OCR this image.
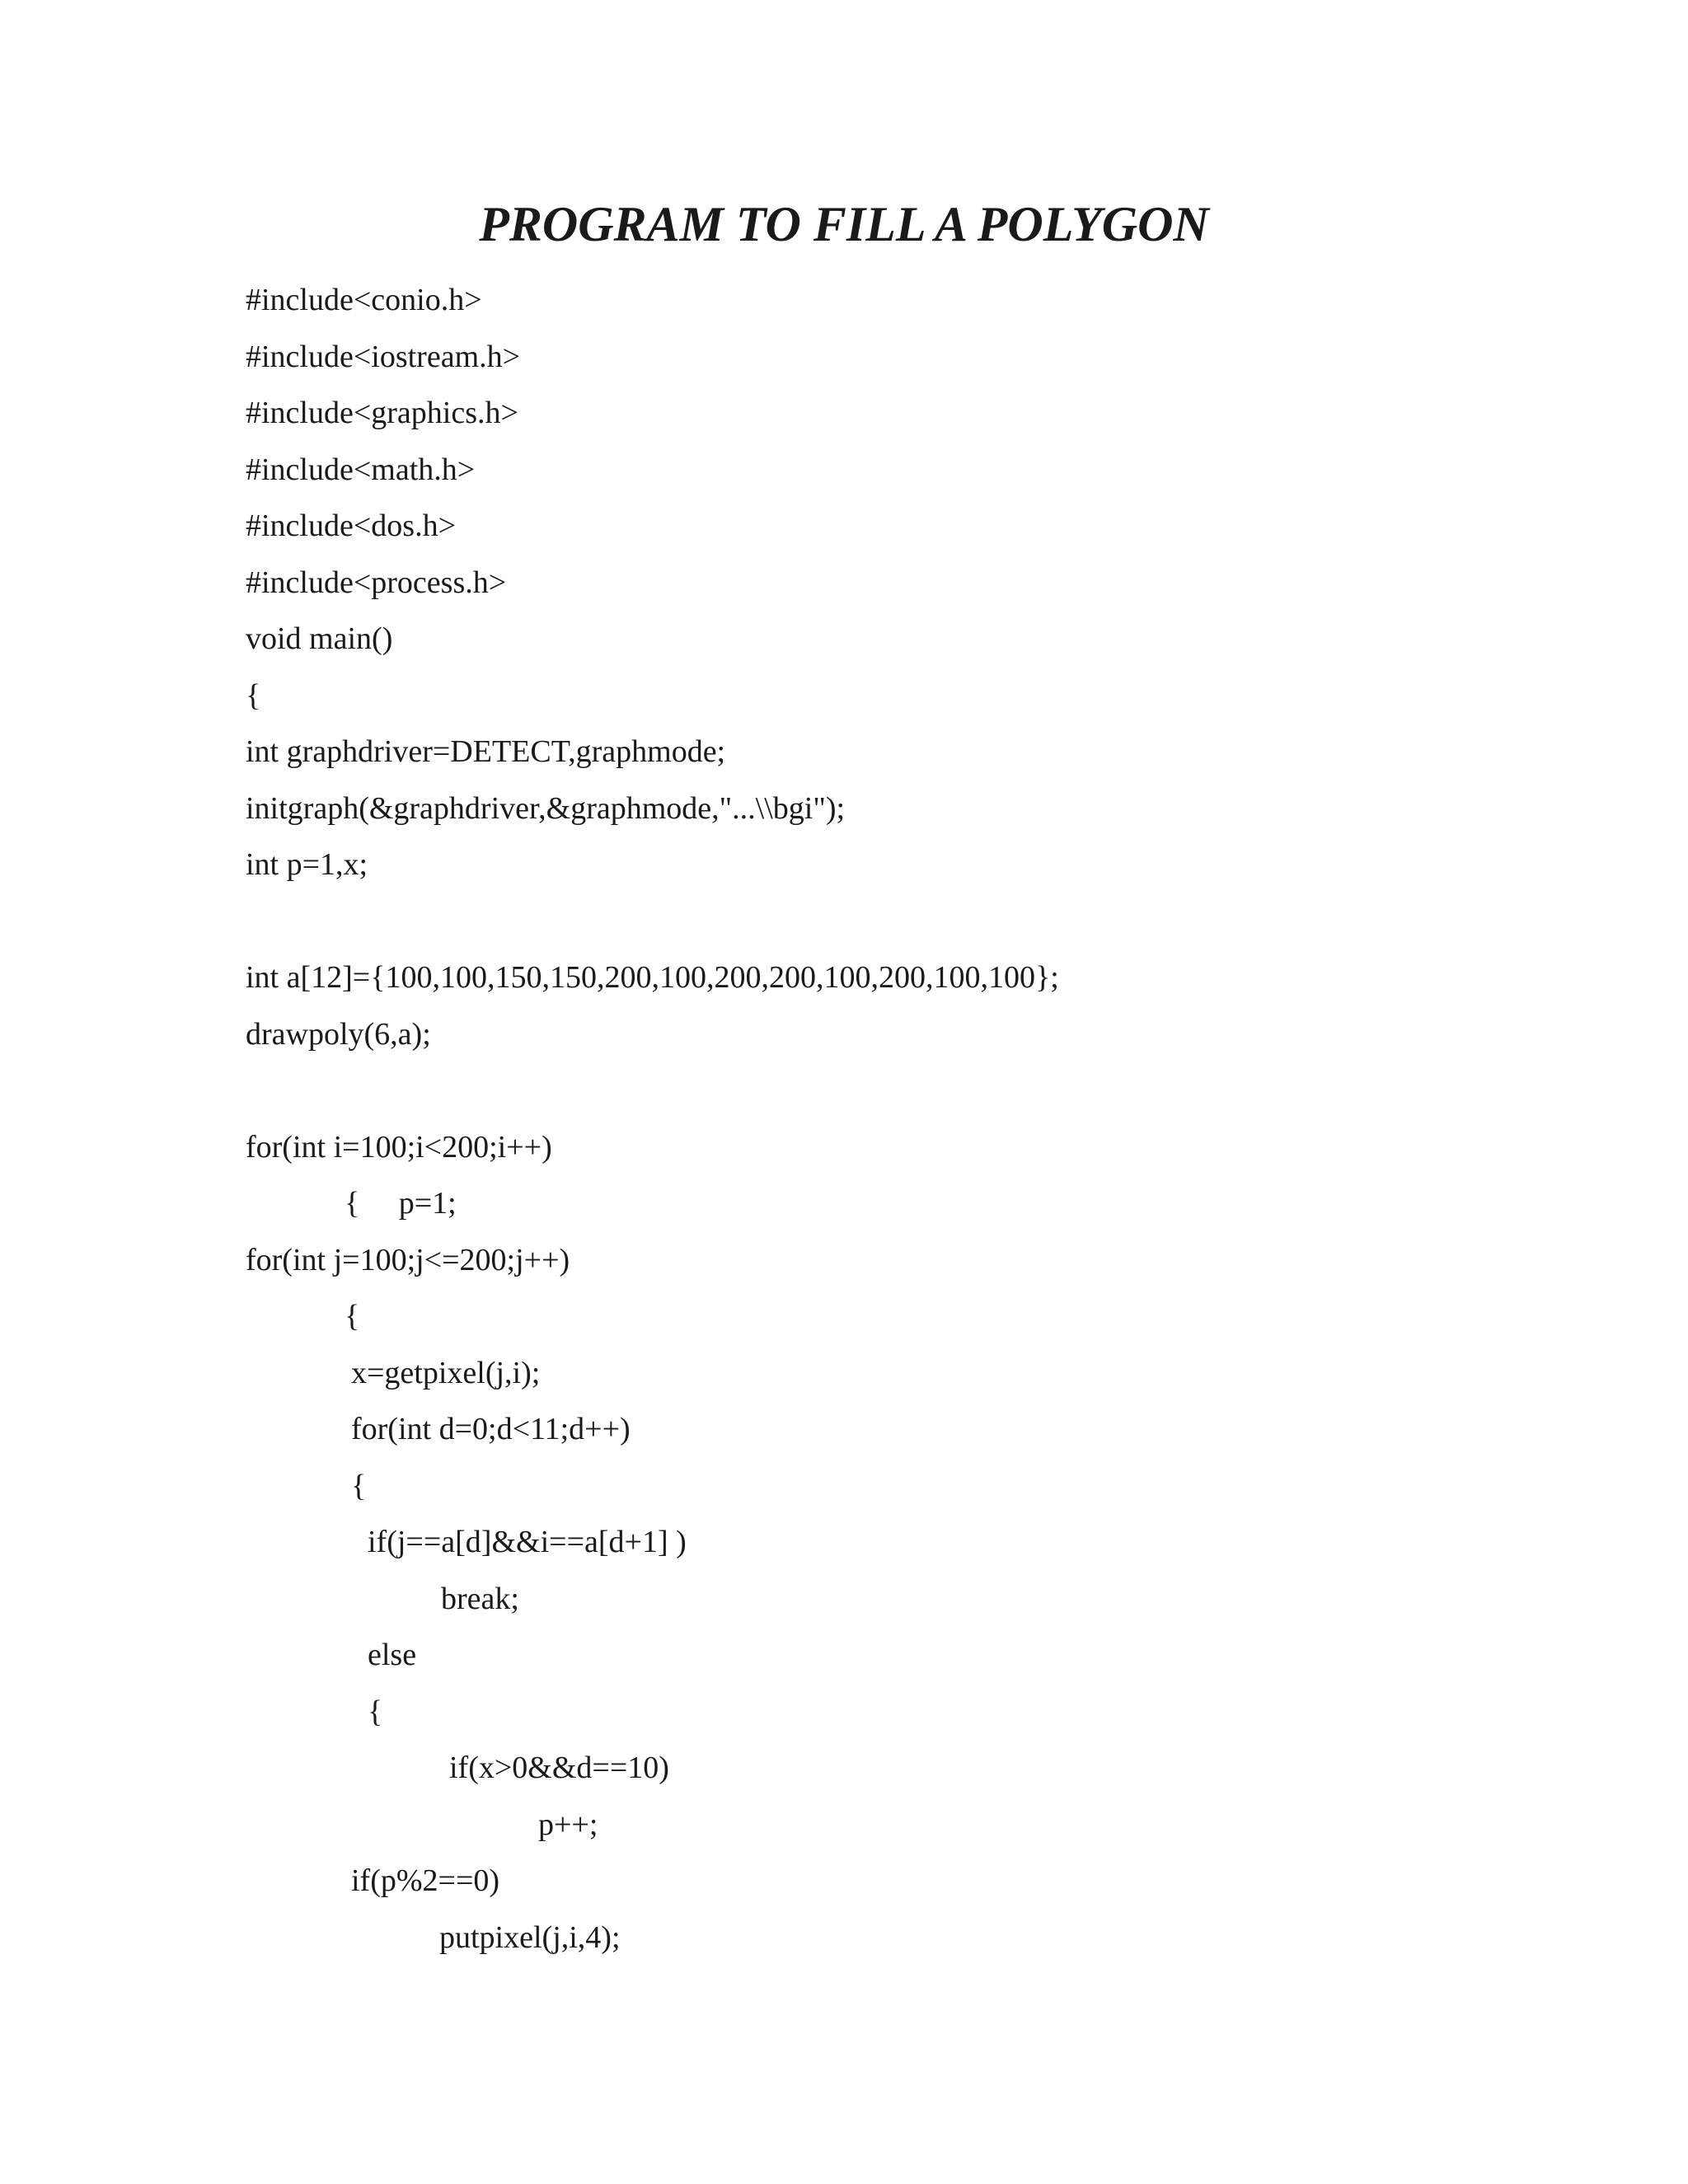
PROGRAM TO FILL A POLYGON
#include<conio.h>
#include<iostream.h>
#include<graphics.h>
#include<math.h>
#include<dos.h>
#include<process.h>
void main()
{
int graphdriver=DETECT,graphmode;
initgraph(&graphdriver,&graphmode,"...\\bgi");
int p=1,x;
int a[12]={100,100,150,150,200,100,200,200,100,200,100,100};
drawpoly(6,a);
for(int i=100;i<200;i++)
{     p=1;
for(int j=100;j<=200;j++)
{
x=getpixel(j,i);
for(int d=0;d<11;d++)
{
if(j==a[d]&&i==a[d+1] )
break;
else
{
if(x>0&&d==10)
p++;
if(p%2==0)
putpixel(j,i,4);
